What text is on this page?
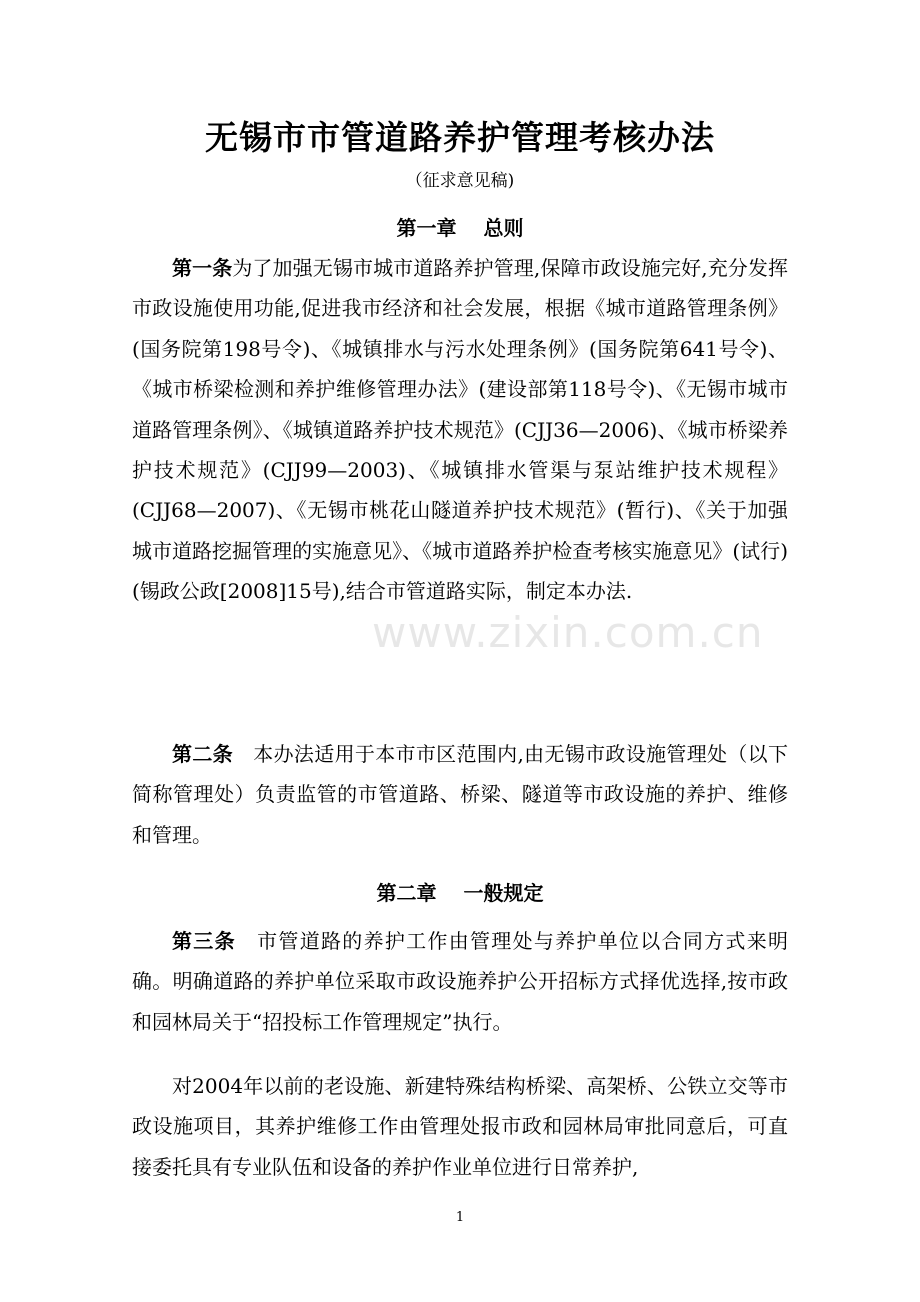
无锡市市管道路养护管理考核办法
（征求意见稿)
第一章　 总则

第一条为了加强无锡市城市道路养护管理,保障市政设施完好,充分发挥市政设施使用功能,促进我市经济和社会发展，根据《城市道路管理条例》(国务院第198号令)、《城镇排水与污水处理条例》(国务院第641号令)、《城市桥梁检测和养护维修管理办法》(建设部第118号令)、《无锡市城市道路管理条例》、《城镇道路养护技术规范》(CJJ36—2006)、《城市桥梁养护技术规范》(CJJ99—2003)、《城镇排水管渠与泵站维护技术规程》(CJJ68—2007)、《无锡市桃花山隧道养护技术规范》(暂行)、《关于加强城市道路挖掘管理的实施意见》、《城市道路养护检查考核实施意见》(试行)(锡政公政[2008]15号),结合市管道路实际，制定本办法.

第二条　本办法适用于本市市区范围内,由无锡市政设施管理处（以下简称管理处）负责监管的市管道路、桥梁、隧道等市政设施的养护、维修和管理。

第二章　 一般规定

第三条　市管道路的养护工作由管理处与养护单位以合同方式来明确。明确道路的养护单位采取市政设施养护公开招标方式择优选择,按市政和园林局关于“招投标工作管理规定”执行。

对2004年以前的老设施、新建特殊结构桥梁、高架桥、公铁立交等市政设施项目，其养护维修工作由管理处报市政和园林局审批同意后，可直接委托具有专业队伍和设备的养护作业单位进行日常养护,

www.zixin.com.cn
1
